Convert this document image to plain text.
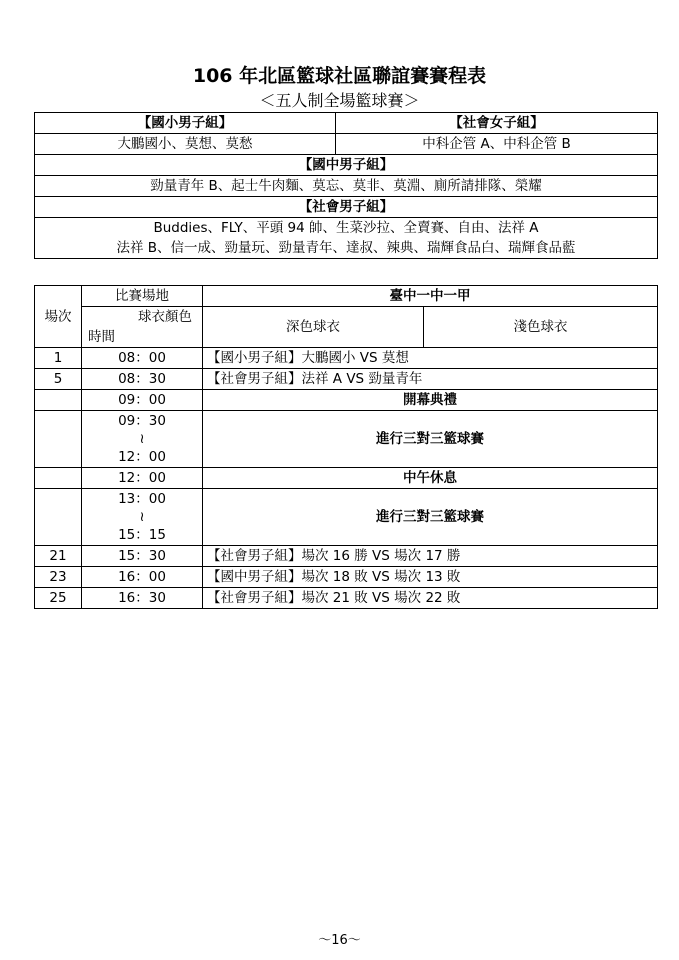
106 年北區籃球社區聯誼賽賽程表
＜五人制全場籃球賽＞
【國小男子組】	【社會女子組】
大鵬國小、莫想、莫愁	中科企管 A、中科企管 B
【國中男子組】	
勁量青年 B、起士牛肉麵、莫忘、莫非、莫淵、廁所請排隊、榮耀	
【社會男子組】	
Buddies、FLY、平頭 94 帥、生菜沙拉、全賣賽、自由、法祥 A	
法祥 B、信一成、勁量玩、勁量青年、達叔、辣典、瑞輝食品白、瑞輝食品藍	
場次	比賽場地	臺中一中一甲	

	球衣顏色
時間	深色球衣	淺色球衣
1	08：00	【國小男子組】大鵬國小 VS 莫想	
5	08：30	【社會男子組】法祥 A VS 勁量青年	
	09：00	開幕典禮	

	09：30
≀
12：00	進行三對三籃球賽	
	12：00	中午休息	

	13：00
≀
15：15	進行三對三籃球賽	
21	15：30	【社會男子組】場次 16 勝 VS 場次 17 勝	
23	16：00	【國中男子組】場次 18 敗 VS 場次 13 敗	
25	16：30	【社會男子組】場次 21 敗 VS 場次 22 敗	
～16～
